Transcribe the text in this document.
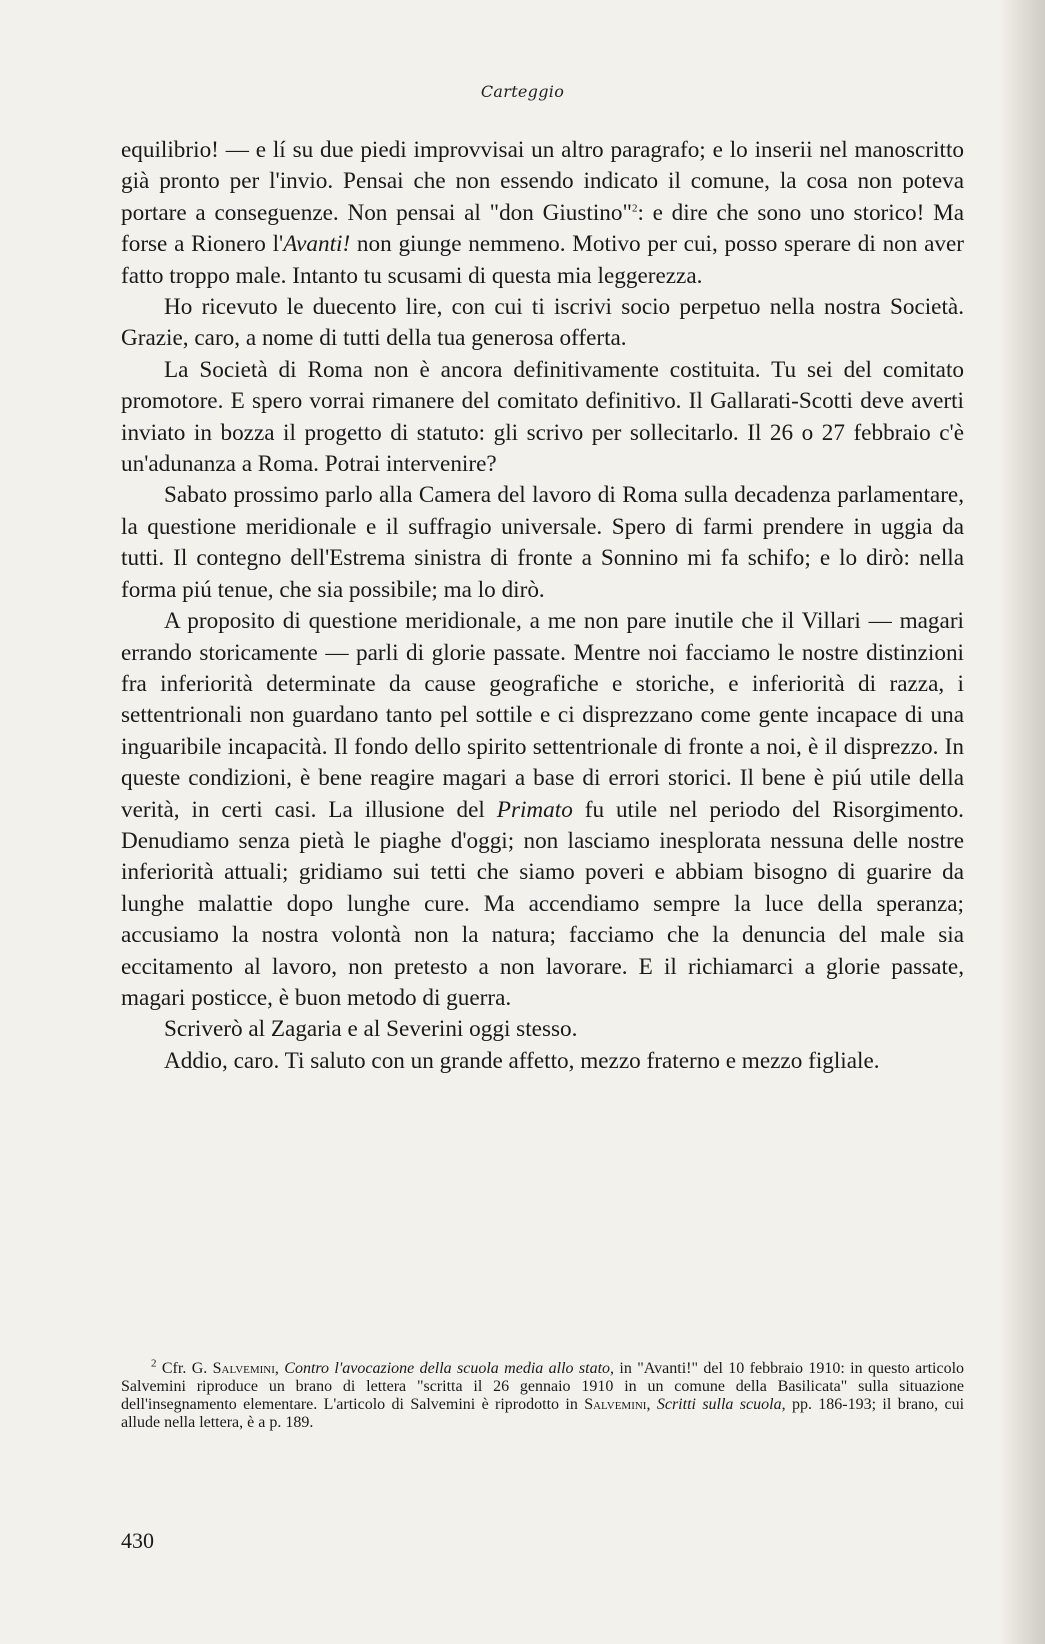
Carteggio

equilibrio! — e lí su due piedi improvvisai un altro paragrafo; e lo inserii nel manoscritto già pronto per l'invio. Pensai che non essendo indicato il comune, la cosa non poteva portare a conseguenze. Non pensai al "don Giustino"$^2$: e dire che sono uno storico! Ma forse a Rionero l'Avanti! non giunge nemmeno. Motivo per cui, posso sperare di non aver fatto troppo male. Intanto tu scusami di questa mia leggerezza.

Ho ricevuto le duecento lire, con cui ti iscrivi socio perpetuo nella nostra Società. Grazie, caro, a nome di tutti della tua generosa offerta.

La Società di Roma non è ancora definitivamente costituita. Tu sei del comitato promotore. E spero vorrai rimanere del comitato definitivo. Il Gallarati-Scotti deve averti inviato in bozza il progetto di statuto: gli scrivo per sollecitarlo. Il 26 o 27 febbraio c'è un'adunanza a Roma. Potrai intervenire?

Sabato prossimo parlo alla Camera del lavoro di Roma sulla decadenza parlamentare, la questione meridionale e il suffragio universale. Spero di farmi prendere in uggia da tutti. Il contegno dell'Estrema sinistra di fronte a Sonnino mi fa schifo; e lo dirò: nella forma piú tenue, che sia possibile; ma lo dirò.

A proposito di questione meridionale, a me non pare inutile che il Villari — magari errando storicamente — parli di glorie passate. Mentre noi facciamo le nostre distinzioni fra inferiorità determinate da cause geografiche e storiche, e inferiorità di razza, i settentrionali non guardano tanto pel sottile e ci disprezzano come gente incapace di una inguaribile incapacità. Il fondo dello spirito settentrionale di fronte a noi, è il disprezzo. In queste condizioni, è bene reagire magari a base di errori storici. Il bene è piú utile della verità, in certi casi. La illusione del Primato fu utile nel periodo del Risorgimento. Denudiamo senza pietà le piaghe d'oggi; non lasciamo inesplorata nessuna delle nostre inferiorità attuali; gridiamo sui tetti che siamo poveri e abbiam bisogno di guarire da lunghe malattie dopo lunghe cure. Ma accendiamo sempre la luce della speranza; accusiamo la nostra volontà non la natura; facciamo che la denuncia del male sia eccitamento al lavoro, non pretesto a non lavorare. E il richiamarci a glorie passate, magari posticce, è buon metodo di guerra.

Scriverò al Zagaria e al Severini oggi stesso.

Addio, caro. Ti saluto con un grande affetto, mezzo fraterno e mezzo figliale.

$^2$ Cfr. G. Salvemini, Contro l'avocazione della scuola media allo stato, in "Avanti!" del 10 febbraio 1910: in questo articolo Salvemini riproduce un brano di lettera "scritta il 26 gennaio 1910 in un comune della Basilicata" sulla situazione dell'insegnamento elementare. L'articolo di Salvemini è riprodotto in Salvemini, Scritti sulla scuola, pp. 186-193; il brano, cui allude nella lettera, è a p. 189.

430
